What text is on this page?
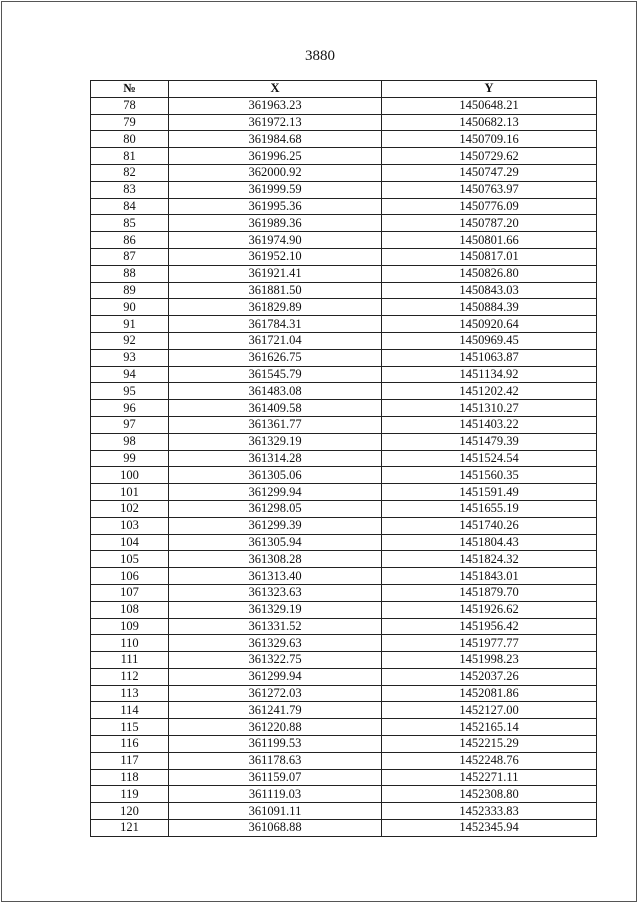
3880
№	X	Y
78	361963.23	1450648.21
79	361972.13	1450682.13
80	361984.68	1450709.16
81	361996.25	1450729.62
82	362000.92	1450747.29
83	361999.59	1450763.97
84	361995.36	1450776.09
85	361989.36	1450787.20
86	361974.90	1450801.66
87	361952.10	1450817.01
88	361921.41	1450826.80
89	361881.50	1450843.03
90	361829.89	1450884.39
91	361784.31	1450920.64
92	361721.04	1450969.45
93	361626.75	1451063.87
94	361545.79	1451134.92
95	361483.08	1451202.42
96	361409.58	1451310.27
97	361361.77	1451403.22
98	361329.19	1451479.39
99	361314.28	1451524.54
100	361305.06	1451560.35
101	361299.94	1451591.49
102	361298.05	1451655.19
103	361299.39	1451740.26
104	361305.94	1451804.43
105	361308.28	1451824.32
106	361313.40	1451843.01
107	361323.63	1451879.70
108	361329.19	1451926.62
109	361331.52	1451956.42
110	361329.63	1451977.77
111	361322.75	1451998.23
112	361299.94	1452037.26
113	361272.03	1452081.86
114	361241.79	1452127.00
115	361220.88	1452165.14
116	361199.53	1452215.29
117	361178.63	1452248.76
118	361159.07	1452271.11
119	361119.03	1452308.80
120	361091.11	1452333.83
121	361068.88	1452345.94
